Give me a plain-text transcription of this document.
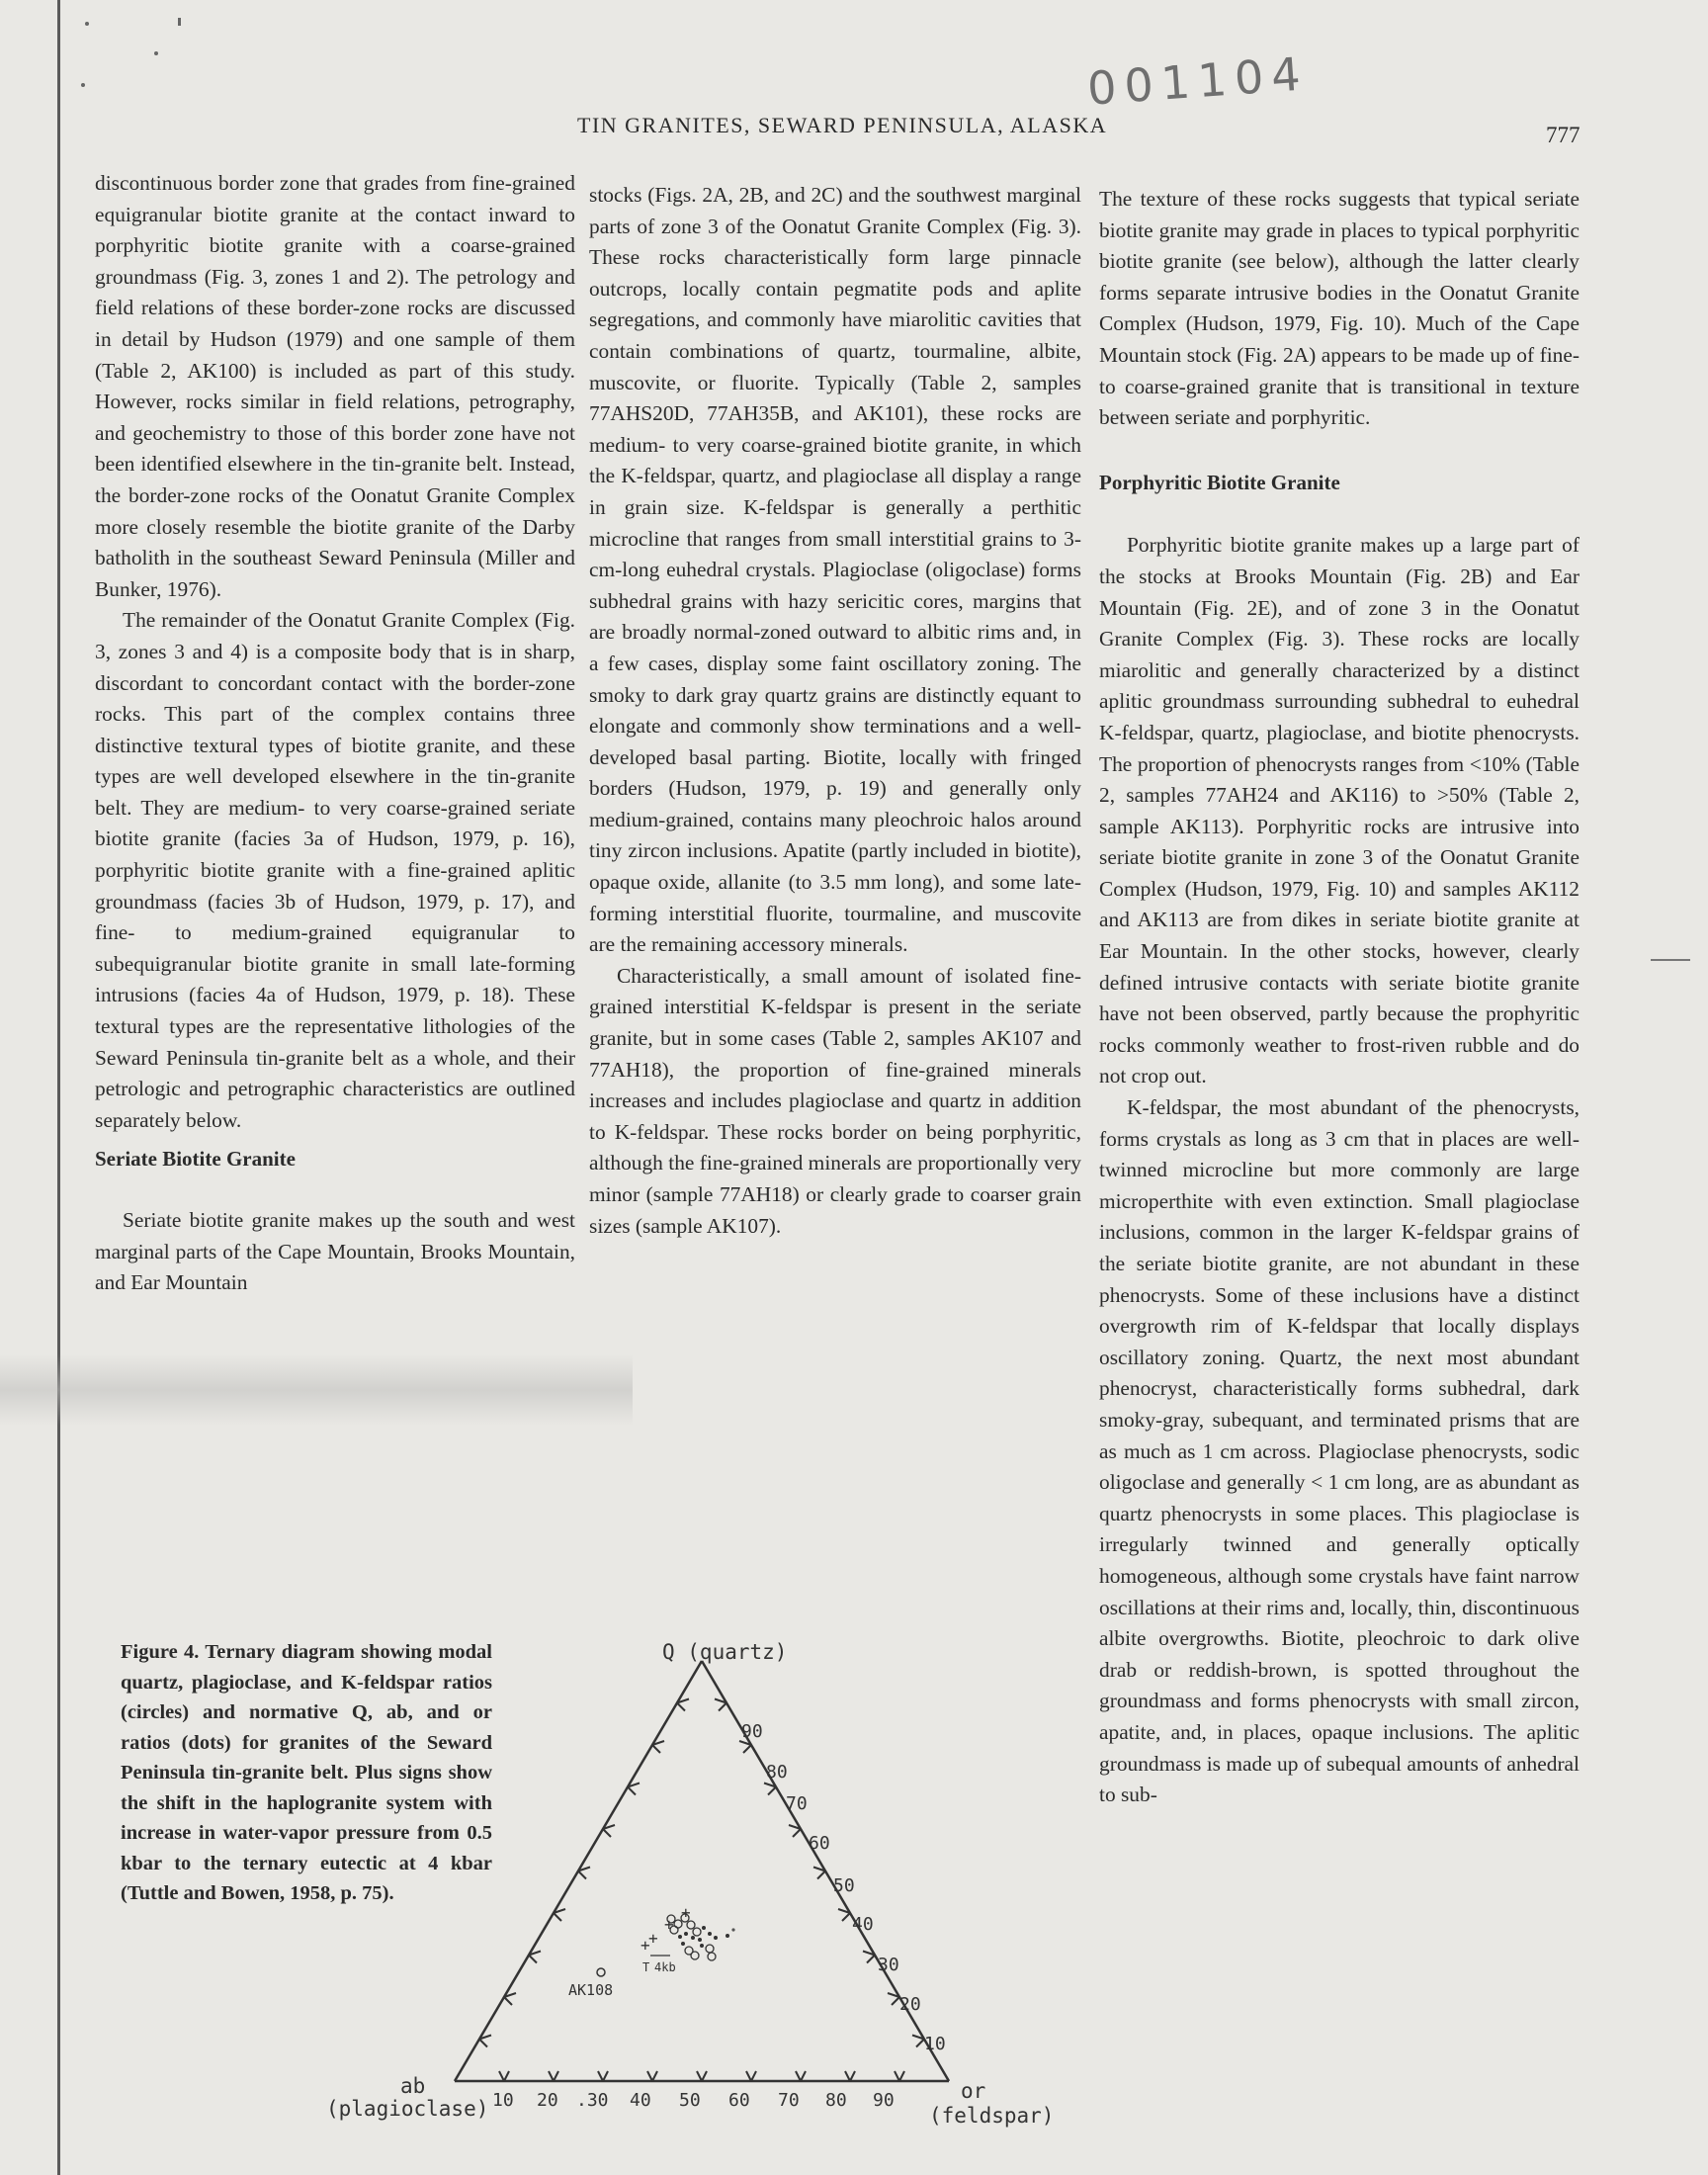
001104
TIN GRANITES, SEWARD PENINSULA, ALASKA	777

discontinuous border zone that grades from fine-grained equigranular biotite granite at the contact inward to porphyritic biotite granite with a coarse-grained groundmass (Fig. 3, zones 1 and 2). The petrology and field relations of these border-zone rocks are discussed in detail by Hudson (1979) and one sample of them (Table 2, AK100) is included as part of this study. However, rocks similar in field relations, petrography, and geochemistry to those of this border zone have not been identified elsewhere in the tin-granite belt. Instead, the border-zone rocks of the Oonatut Granite Complex more closely resemble the biotite granite of the Darby batholith in the southeast Seward Peninsula (Miller and Bunker, 1976).

The remainder of the Oonatut Granite Complex (Fig. 3, zones 3 and 4) is a composite body that is in sharp, discordant to concordant contact with the border-zone rocks. This part of the complex contains three distinctive textural types of biotite granite, and these types are well developed elsewhere in the tin-granite belt. They are medium- to very coarse-grained seriate biotite granite (facies 3a of Hudson, 1979, p. 16), porphyritic biotite granite with a fine-grained aplitic groundmass (facies 3b of Hudson, 1979, p. 17), and fine- to medium-grained equigranular to subequigranular biotite granite in small late-forming intrusions (facies 4a of Hudson, 1979, p. 18). These textural types are the representative lithologies of the Seward Peninsula tin-granite belt as a whole, and their petrologic and petrographic characteristics are outlined separately below.

Seriate Biotite Granite

Seriate biotite granite makes up the south and west marginal parts of the Cape Mountain, Brooks Mountain, and Ear Mountain

stocks (Figs. 2A, 2B, and 2C) and the southwest marginal parts of zone 3 of the Oonatut Granite Complex (Fig. 3). These rocks characteristically form large pinnacle outcrops, locally contain pegmatite pods and aplite segregations, and commonly have miarolitic cavities that contain combinations of quartz, tourmaline, albite, muscovite, or fluorite. Typically (Table 2, samples 77AHS20D, 77AH35B, and AK101), these rocks are medium- to very coarse-grained biotite granite, in which the K-feldspar, quartz, and plagioclase all display a range in grain size. K-feldspar is generally a perthitic microcline that ranges from small interstitial grains to 3-cm-long euhedral crystals. Plagioclase (oligoclase) forms subhedral grains with hazy sericitic cores, margins that are broadly normal-zoned outward to albitic rims and, in a few cases, display some faint oscillatory zoning. The smoky to dark gray quartz grains are distinctly equant to elongate and commonly show terminations and a well-developed basal parting. Biotite, locally with fringed borders (Hudson, 1979, p. 19) and generally only medium-grained, contains many pleochroic halos around tiny zircon inclusions. Apatite (partly included in biotite), opaque oxide, allanite (to 3.5 mm long), and some late-forming interstitial fluorite, tourmaline, and muscovite are the remaining accessory minerals.

Characteristically, a small amount of isolated fine-grained interstitial K-feldspar is present in the seriate granite, but in some cases (Table 2, samples AK107 and 77AH18), the proportion of fine-grained minerals increases and includes plagioclase and quartz in addition to K-feldspar. These rocks border on being porphyritic, although the fine-grained minerals are proportionally very minor (sample 77AH18) or clearly grade to coarser grain sizes (sample AK107).

The texture of these rocks suggests that typical seriate biotite granite may grade in places to typical porphyritic biotite granite (see below), although the latter clearly forms separate intrusive bodies in the Oonatut Granite Complex (Hudson, 1979, Fig. 10). Much of the Cape Mountain stock (Fig. 2A) appears to be made up of fine- to coarse-grained granite that is transitional in texture between seriate and porphyritic.

Porphyritic Biotite Granite

Porphyritic biotite granite makes up a large part of the stocks at Brooks Mountain (Fig. 2B) and Ear Mountain (Fig. 2E), and of zone 3 in the Oonatut Granite Complex (Fig. 3). These rocks are locally miarolitic and generally characterized by a distinct aplitic groundmass surrounding subhedral to euhedral K-feldspar, quartz, plagioclase, and biotite phenocrysts. The proportion of phenocrysts ranges from <10% (Table 2, samples 77AH24 and AK116) to >50% (Table 2, sample AK113). Porphyritic rocks are intrusive into seriate biotite granite in zone 3 of the Oonatut Granite Complex (Hudson, 1979, Fig. 10) and samples AK112 and AK113 are from dikes in seriate biotite granite at Ear Mountain. In the other stocks, however, clearly defined intrusive contacts with seriate biotite granite have not been observed, partly because the prophyritic rocks commonly weather to frost-riven rubble and do not crop out.

K-feldspar, the most abundant of the phenocrysts, forms crystals as long as 3 cm that in places are well-twinned microcline but more commonly are large microperthite with even extinction. Small plagioclase inclusions, common in the larger K-feldspar grains of the seriate biotite granite, are not abundant in these phenocrysts. Some of these inclusions have a distinct overgrowth rim of K-feldspar that locally displays oscillatory zoning. Quartz, the next most abundant phenocryst, characteristically forms subhedral, dark smoky-gray, subequant, and terminated prisms that are as much as 1 cm across. Plagioclase phenocrysts, sodic oligoclase and generally < 1 cm long, are as abundant as quartz phenocrysts in some places. This plagioclase is irregularly twinned and generally optically homogeneous, although some crystals have faint narrow oscillations at their rims and, locally, thin, discontinuous albite overgrowths. Biotite, pleochroic to dark olive drab or reddish-brown, is spotted throughout the groundmass and forms phenocrysts with small zircon, apatite, and, in places, opaque inclusions. The aplitic groundmass is made up of subequal amounts of anhedral to sub-

Figure 4. Ternary diagram showing modal quartz, plagioclase, and K-feldspar ratios (circles) and normative Q, ab, and or ratios (dots) for granites of the Seward Peninsula tin-granite belt. Plus signs show the shift in the haplogranite system with increase in water-vapor pressure from 0.5 kbar to the ternary eutectic at 4 kbar (Tuttle and Bowen, 1958, p. 75).
Q (quartz)
ab
(plagioclase)
or
(feldspar)
90
80
70
60
50
40
30
20
10
10 20 .30 40 50 60 70 80 90
AK108
+
+
+
+
T 4kb
